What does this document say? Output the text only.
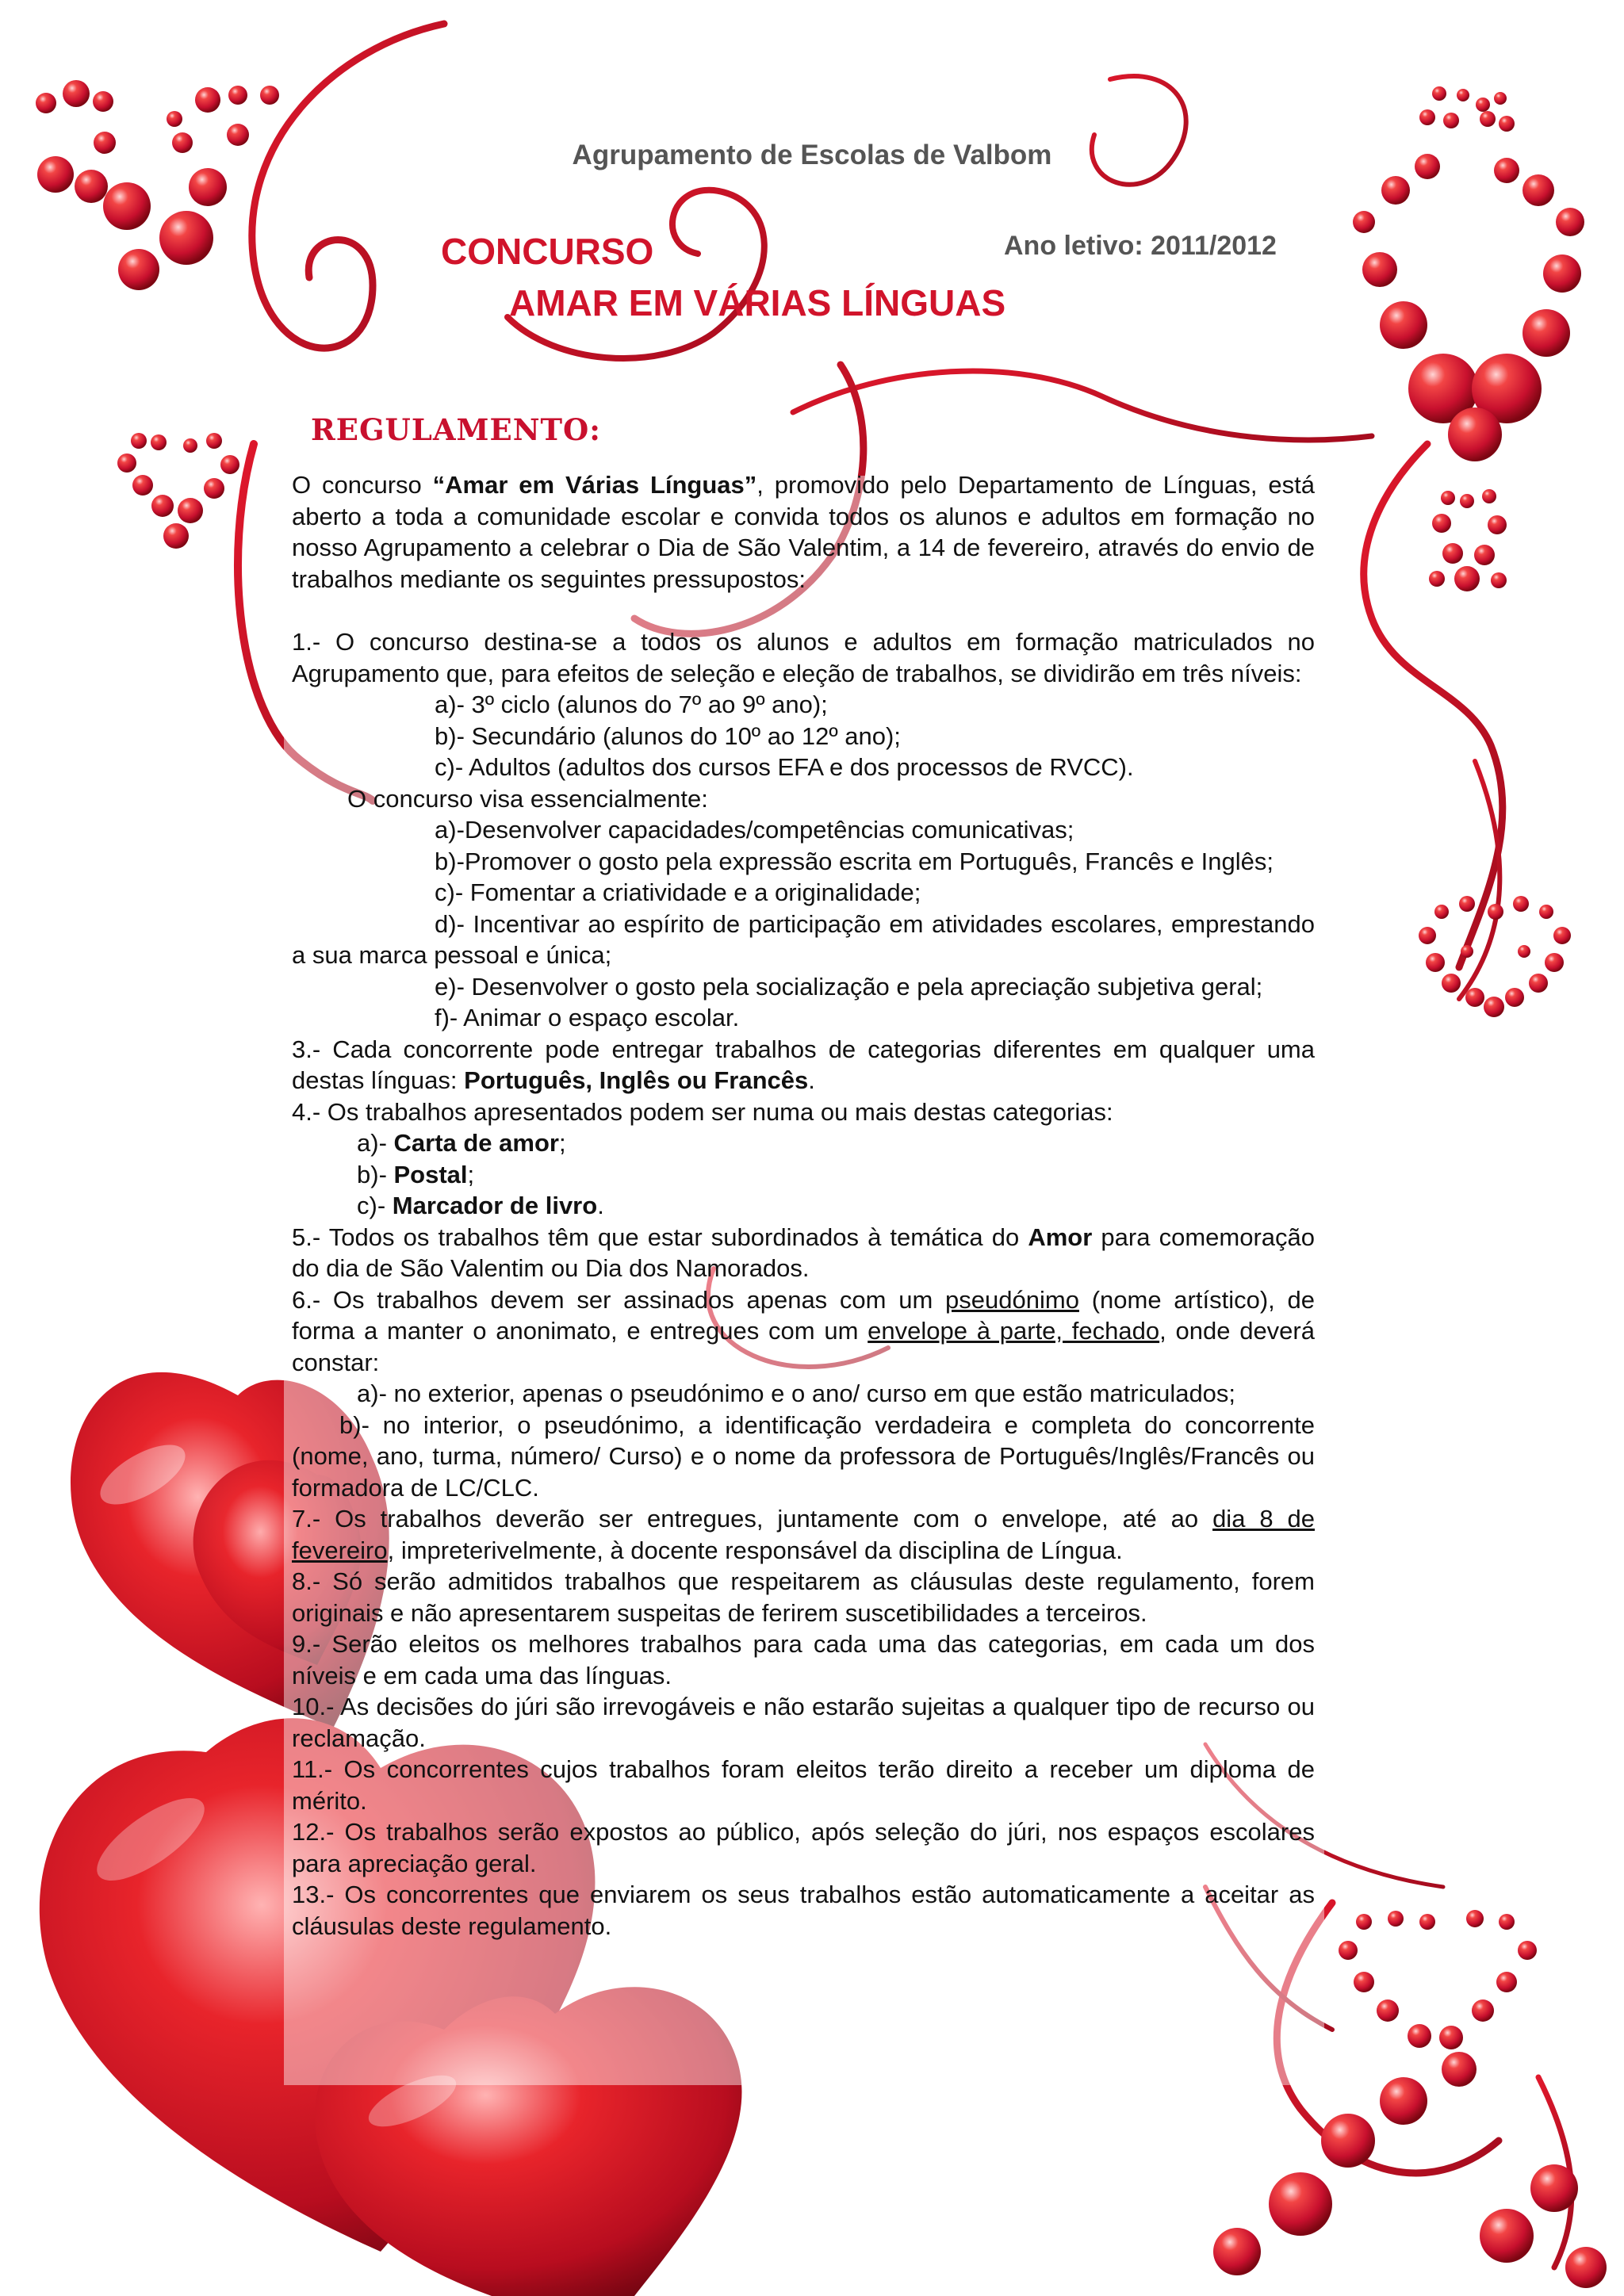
Agrupamento de Escolas de Valbom
CONCURSO
AMAR EM VÁRIAS LÍNGUAS
Ano letivo: 2011/2012
REGULAMENTO:

O concurso “Amar em Várias Línguas”, promovido pelo Departamento de Línguas, está aberto a toda a comunidade escolar e convida todos os alunos e adultos em formação no nosso Agrupamento a celebrar o Dia de São Valentim, a 14 de fevereiro, através do envio de trabalhos mediante os seguintes pressupostos:

1.- O concurso destina-se a todos os alunos e adultos em formação matriculados no Agrupamento que, para efeitos de seleção e eleção de trabalhos, se dividirão em três níveis:

a)- 3º ciclo (alunos do 7º ao 9º ano);

b)- Secundário (alunos do 10º ao 12º ano);

c)- Adultos (adultos dos cursos EFA e dos processos de RVCC).

O concurso visa essencialmente:

a)-Desenvolver capacidades/competências comunicativas;

b)-Promover o gosto pela expressão escrita em Português, Francês e Inglês;

c)- Fomentar a criatividade e a originalidade;

d)- Incentivar ao espírito de participação em atividades escolares, emprestando a sua marca pessoal e única;

e)- Desenvolver o gosto pela socialização e pela apreciação subjetiva geral;

f)- Animar o espaço escolar.

3.- Cada concorrente pode entregar trabalhos de categorias diferentes em qualquer uma destas línguas: Português, Inglês ou Francês.

4.- Os trabalhos apresentados podem ser numa ou mais destas categorias:

a)- Carta de amor;

b)- Postal;

c)- Marcador de livro.

5.- Todos os trabalhos têm que estar subordinados à temática do Amor para comemoração do dia de São Valentim ou Dia dos Namorados.

6.- Os trabalhos devem ser assinados apenas com um pseudónimo (nome artístico), de forma a manter o anonimato, e entregues com um envelope à parte, fechado, onde deverá constar:

a)- no exterior, apenas o pseudónimo e o ano/ curso em que estão matriculados;

b)- no interior, o pseudónimo, a identificação verdadeira e completa do concorrente (nome, ano, turma, número/ Curso) e o nome da professora de Português/Inglês/Francês ou formadora de LC/CLC.

7.- Os trabalhos deverão ser entregues, juntamente com o envelope, até ao dia 8 de fevereiro, impreterivelmente, à docente responsável da disciplina de Língua.

8.- Só serão admitidos trabalhos que respeitarem as cláusulas deste regulamento, forem originais e não apresentarem suspeitas de ferirem suscetibilidades a terceiros.

9.- Serão eleitos os melhores trabalhos para cada uma das categorias, em cada um dos níveis e em cada uma das línguas.

10.- As decisões do júri são irrevogáveis e não estarão sujeitas a qualquer tipo de recurso ou reclamação.

11.- Os concorrentes cujos trabalhos foram eleitos terão direito a receber um diploma de mérito.

12.- Os trabalhos serão expostos ao público, após seleção do júri, nos espaços escolares para apreciação geral.

13.- Os concorrentes que enviarem os seus trabalhos estão automaticamente a aceitar as cláusulas deste regulamento.
